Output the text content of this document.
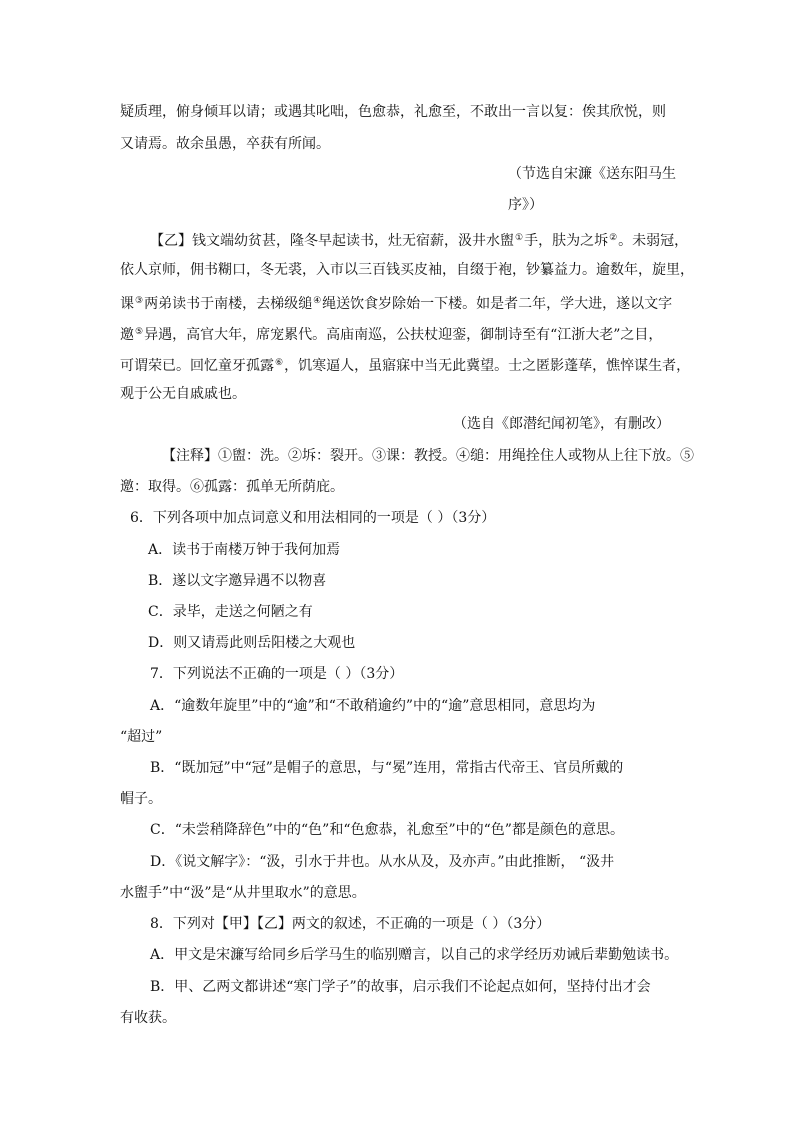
疑质理，俯身倾耳以请；或遇其叱咄，色愈恭，礼愈至，不敢出一言以复：俟其欣悦，则
又请焉。故余虽愚，卒获有所闻。
（节选自宋濂《送东阳马生
序》）
【乙】钱文端幼贫甚，隆冬早起读书，灶无宿薪，汲井水盥①手，肤为之坼②。未弱冠，
依人京师，佣书糊口，冬无裘，入市以三百钱买皮袖，自缀于袍，钞纂益力。逾数年，旋里，
课③两弟读书于南楼，去梯级缒④绳送饮食岁除始一下楼。如是者二年，学大进，遂以文字
邀⑤异遇，高官大年，席宠累代。高庙南巡，公扶杖迎銮，御制诗至有“江浙大老”之目，
可谓荣已。回忆童牙孤露⑥，饥寒逼人，虽寤寐中当无此冀望。士之匿影蓬荜，憔悴谋生者，
观于公无自戚戚也。
（选自《郎潜纪闻初笔》，有删改）
【注释】①盥：洗。②坼：裂开。③课：教授。④缒：用绳拴住人或物从上往下放。⑤
邀：取得。⑥孤露：孤单无所荫庇。
6．下列各项中加点词意义和用法相同的一项是（ ）（3分）
A．读书于南楼万钟于我何加焉
B．遂以文字邀异遇不以物喜
C．录毕，走送之何陋之有
D．则又请焉此则岳阳楼之大观也
7．下列说法不正确的一项是（ ）（3分）
A．“逾数年旋里”中的“逾”和“不敢稍逾约”中的“逾”意思相同，意思均为
“超过”
B．“既加冠”中“冠”是帽子的意思，与“冕”连用，常指古代帝王、官员所戴的
帽子。
C．“未尝稍降辞色”中的“色”和“色愈恭，礼愈至”中的“色”都是颜色的意思。
D．《说文解字》：“汲，引水于井也。从水从及，及亦声。”由此推断， “汲井
水盥手”中“汲”是“从井里取水”的意思。
8．下列对【甲】【乙】两文的叙述，不正确的一项是（ ）（3分）
A．甲文是宋濂写给同乡后学马生的临别赠言，以自己的求学经历劝诫后辈勤勉读书。
B．甲、乙两文都讲述“寒门学子”的故事，启示我们不论起点如何，坚持付出才会
有收获。
